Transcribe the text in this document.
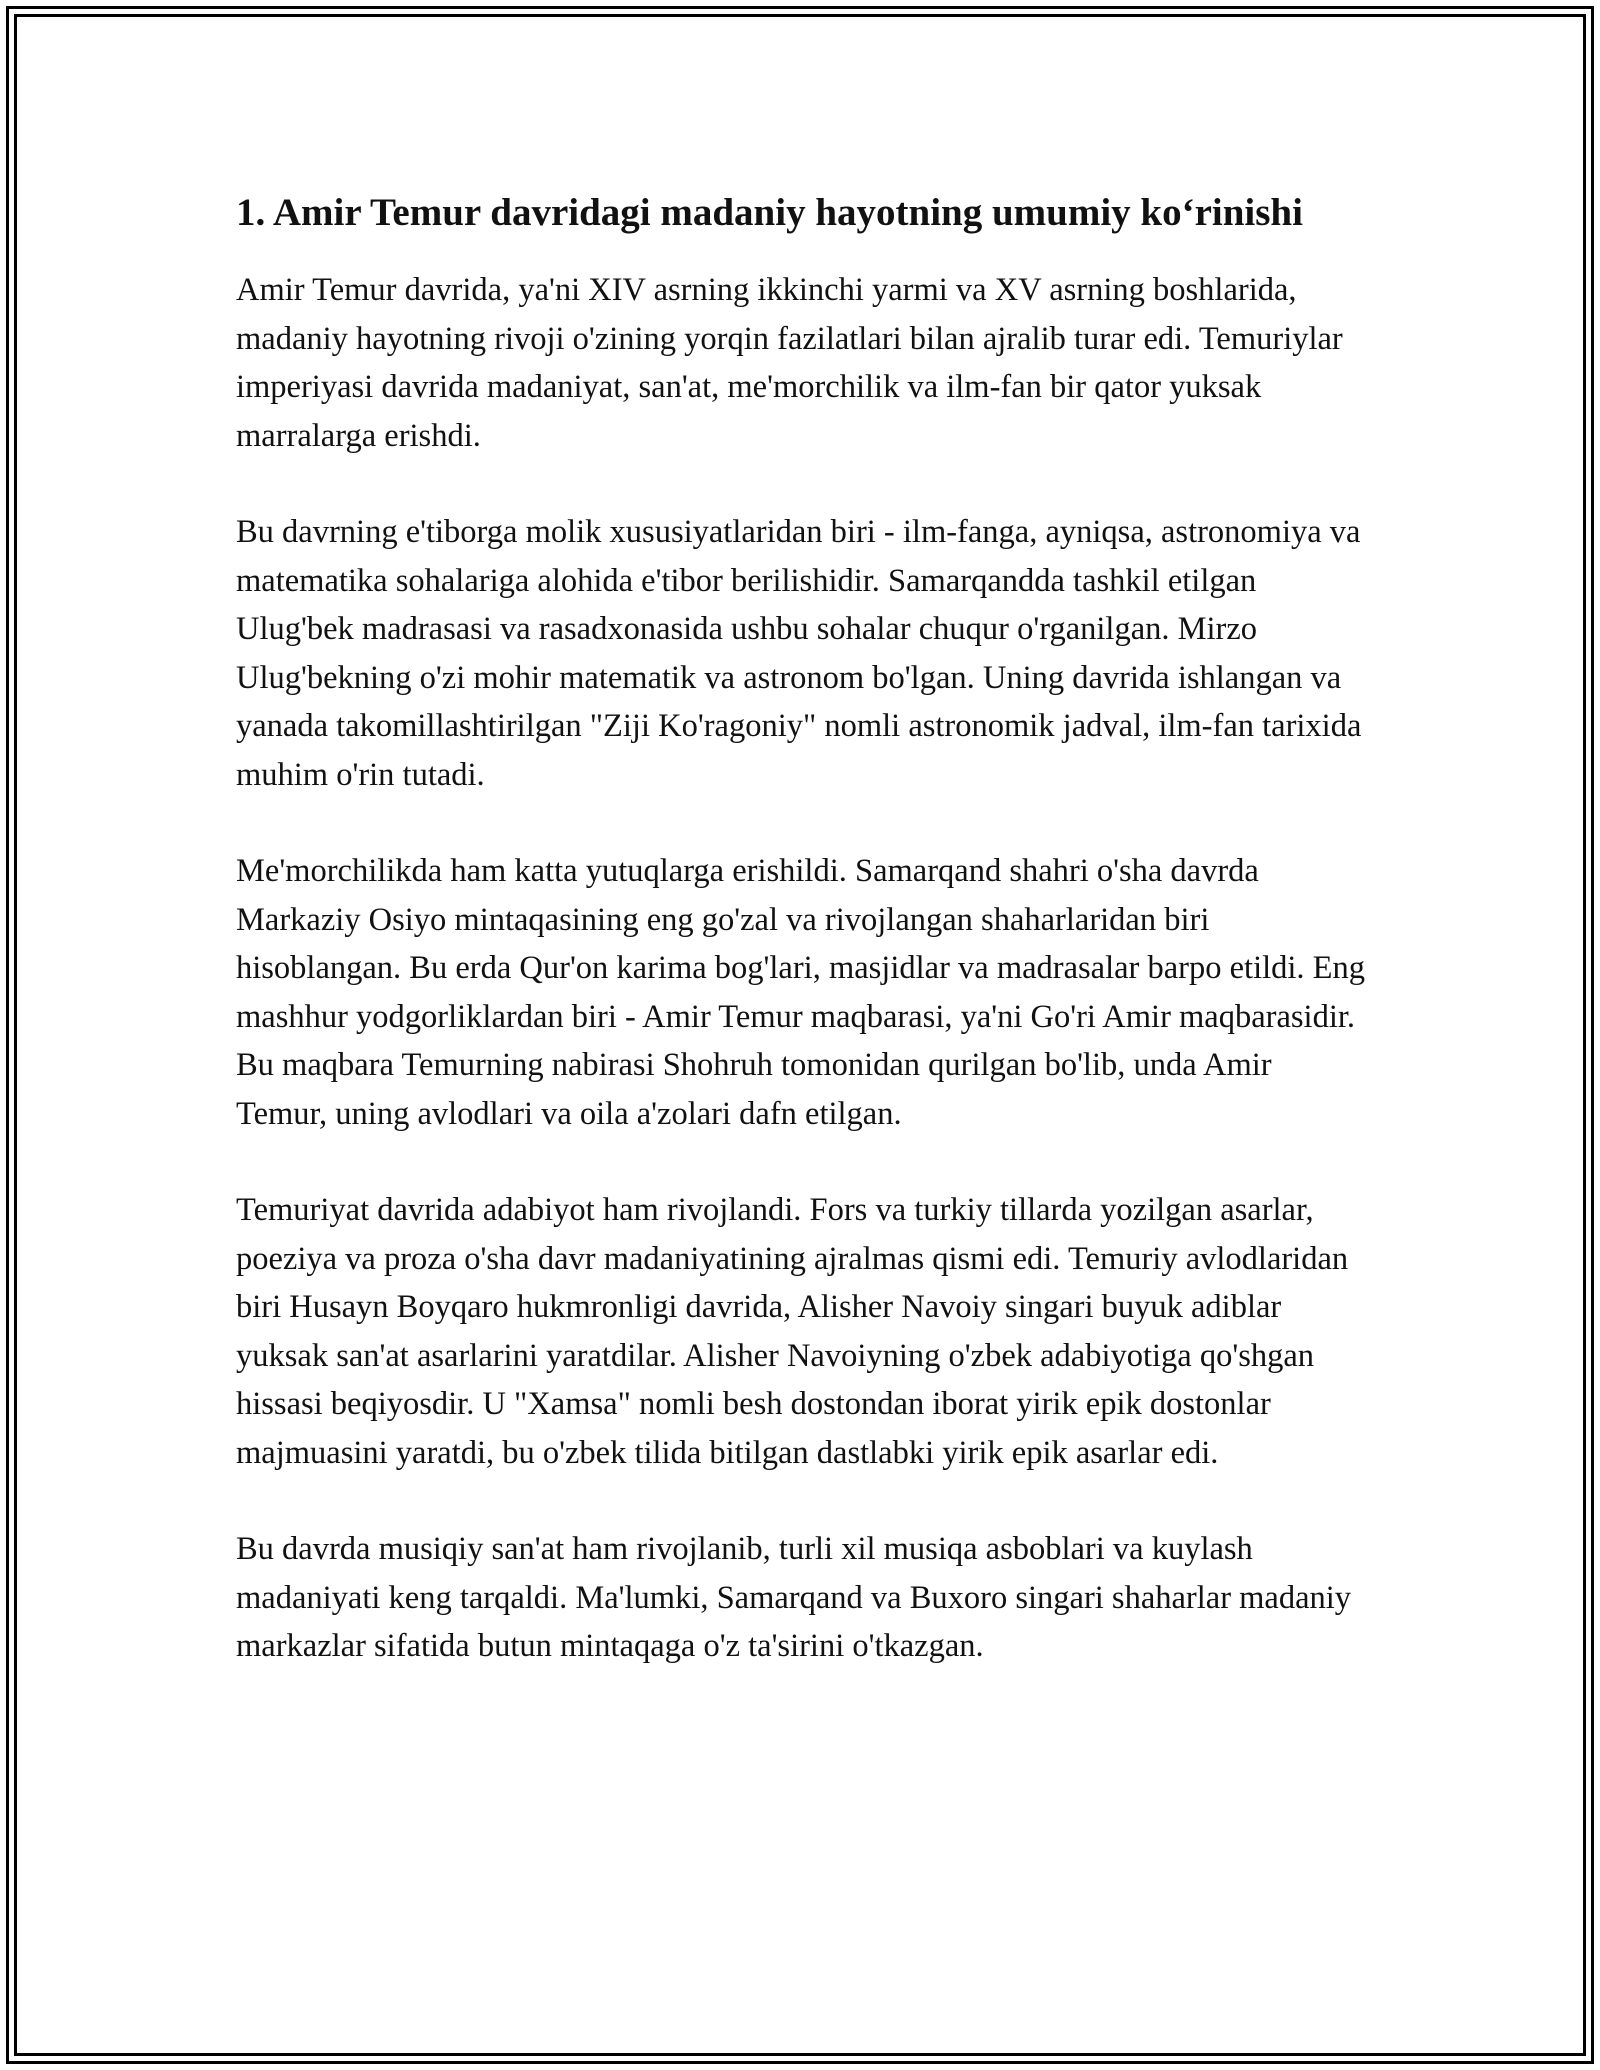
1. Amir Temur davridagi madaniy hayotning umumiy ko‘rinishi

Amir Temur davrida, ya'ni XIV asrning ikkinchi yarmi va XV asrning boshlarida, madaniy hayotning rivoji o'zining yorqin fazilatlari bilan ajralib turar edi. Temuriylar imperiyasi davrida madaniyat, san'at, me'morchilik va ilm-fan bir qator yuksak marralarga erishdi.

Bu davrning e'tiborga molik xususiyatlaridan biri - ilm-fanga, ayniqsa, astronomiya va matematika sohalariga alohida e'tibor berilishidir. Samarqandda tashkil etilgan Ulug'bek madrasasi va rasadxonasida ushbu sohalar chuqur o'rganilgan. Mirzo Ulug'bekning o'zi mohir matematik va astronom bo'lgan. Uning davrida ishlangan va yanada takomillashtirilgan "Ziji Ko'ragoniy" nomli astronomik jadval, ilm-fan tarixida muhim o'rin tutadi.

Me'morchilikda ham katta yutuqlarga erishildi. Samarqand shahri o'sha davrda Markaziy Osiyo mintaqasining eng go'zal va rivojlangan shaharlaridan biri hisoblangan. Bu erda Qur'on karima bog'lari, masjidlar va madrasalar barpo etildi. Eng mashhur yodgorliklardan biri - Amir Temur maqbarasi, ya'ni Go'ri Amir maqbarasidir. Bu maqbara Temurning nabirasi Shohruh tomonidan qurilgan bo'lib, unda Amir Temur, uning avlodlari va oila a'zolari dafn etilgan.

Temuriyat davrida adabiyot ham rivojlandi. Fors va turkiy tillarda yozilgan asarlar, poeziya va proza o'sha davr madaniyatining ajralmas qismi edi. Temuriy avlodlaridan biri Husayn Boyqaro hukmronligi davrida, Alisher Navoiy singari buyuk adiblar yuksak san'at asarlarini yaratdilar. Alisher Navoiyning o'zbek adabiyotiga qo'shgan hissasi beqiyosdir. U "Xamsa" nomli besh dostondan iborat yirik epik dostonlar majmuasini yaratdi, bu o'zbek tilida bitilgan dastlabki yirik epik asarlar edi.

Bu davrda musiqiy san'at ham rivojlanib, turli xil musiqa asboblari va kuylash madaniyati keng tarqaldi. Ma'lumki, Samarqand va Buxoro singari shaharlar madaniy markazlar sifatida butun mintaqaga o'z ta'sirini o'tkazgan.
